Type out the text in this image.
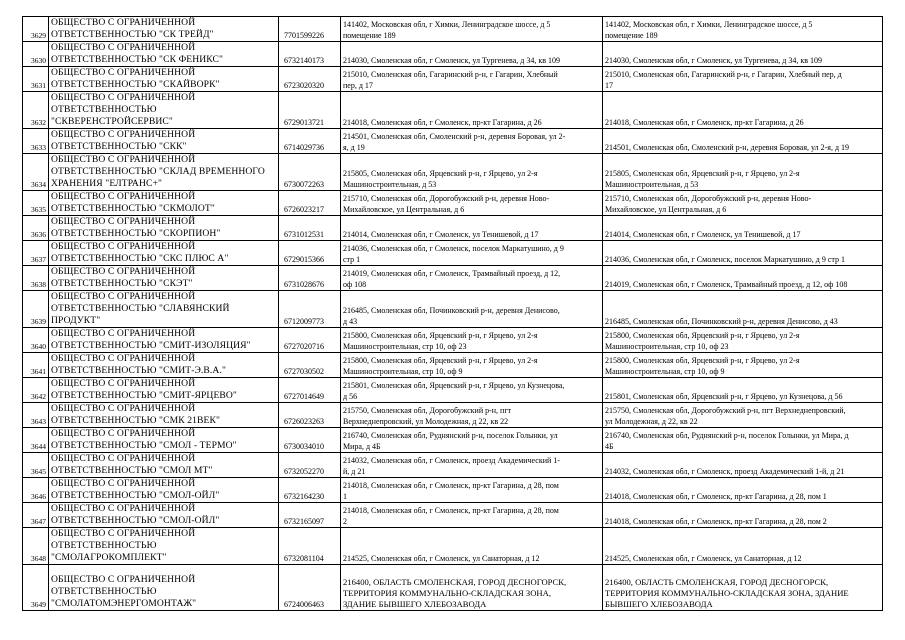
3629	ОБЩЕСТВО С ОГРАНИЧЕННОЙ
ОТВЕТСТВЕННОСТЬЮ "СК ТРЕЙД"	7701599226	141402, Московская обл, г Химки, Ленинградское шоссе, д 5
помещение 189	141402, Московская обл, г Химки, Ленинградское шоссе, д 5
помещение 189

3630	ОБЩЕСТВО С ОГРАНИЧЕННОЙ
ОТВЕТСТВЕННОСТЬЮ "СК ФЕНИКС"	6732140173	214030, Смоленская обл, г Смоленск, ул Тургенева, д 34, кв 109	214030, Смоленская обл, г Смоленск, ул Тургенева, д 34, кв 109

3631	ОБЩЕСТВО С ОГРАНИЧЕННОЙ
ОТВЕТСТВЕННОСТЬЮ "СКАЙВОРК"	6723020320	215010, Смоленская обл, Гагаринский р-н, г Гагарин, Хлебный
пер, д 17	215010, Смоленская обл, Гагаринский р-н, г Гагарин, Хлебный пер, д
17

3632	ОБЩЕСТВО С ОГРАНИЧЕННОЙ
ОТВЕТСТВЕННОСТЬЮ
"СКВЕРЕНСТРОЙСЕРВИС"	6729013721	214018, Смоленская обл, г Смоленск, пр-кт Гагарина, д 26	214018, Смоленская обл, г Смоленск, пр-кт Гагарина, д 26

3633	ОБЩЕСТВО С ОГРАНИЧЕННОЙ
ОТВЕТСТВЕННОСТЬЮ "СКК"	6714029736	214501, Смоленская обл, Смоленский р-н, деревня Боровая, ул 2-
я, д 19	214501, Смоленская обл, Смоленский р-н, деревня Боровая, ул 2-я, д 19

3634	ОБЩЕСТВО С ОГРАНИЧЕННОЙ
ОТВЕТСТВЕННОСТЬЮ "СКЛАД ВРЕМЕННОГО
ХРАНЕНИЯ "ЕЛТРАНС+"	6730072263	215805, Смоленская обл, Ярцевский р-н, г Ярцево, ул 2-я
Машиностроительная, д 53	215805, Смоленская обл, Ярцевский р-н, г Ярцево, ул 2-я
Машиностроительная, д 53

3635	ОБЩЕСТВО С ОГРАНИЧЕННОЙ
ОТВЕТСТВЕННОСТЬЮ "СКМОЛОТ"	6726023217	215710, Смоленская обл, Дорогобужский р-н, деревня Ново-
Михайловское, ул Центральная, д 6	215710, Смоленская обл, Дорогобужский р-н, деревня Ново-
Михайловское, ул Центральная, д 6

3636	ОБЩЕСТВО С ОГРАНИЧЕННОЙ
ОТВЕТСТВЕННОСТЬЮ "СКОРПИОН"	6731012531	214014, Смоленская обл, г Смоленск, ул Тенишевой, д 17	214014, Смоленская обл, г Смоленск, ул Тенишевой, д 17

3637	ОБЩЕСТВО С ОГРАНИЧЕННОЙ
ОТВЕТСТВЕННОСТЬЮ "СКС ПЛЮС А"	6729015366	214036, Смоленская обл, г Смоленск, поселок Маркатушино, д 9
стр 1	214036, Смоленская обл, г Смоленск, поселок Маркатушино, д 9 стр 1

3638	ОБЩЕСТВО С ОГРАНИЧЕННОЙ
ОТВЕТСТВЕННОСТЬЮ "СКЭТ"	6731028676	214019, Смоленская обл, г Смоленск, Трамвайный проезд, д 12,
оф 108	214019, Смоленская обл, г Смоленск, Трамвайный проезд, д 12, оф 108

3639	ОБЩЕСТВО С ОГРАНИЧЕННОЙ
ОТВЕТСТВЕННОСТЬЮ "СЛАВЯНСКИЙ
ПРОДУКТ"	6712009773	216485, Смоленская обл, Починковский р-н, деревня Денисово,
д 43	216485, Смоленская обл, Починковский р-н, деревня Денисово, д 43

3640	ОБЩЕСТВО С ОГРАНИЧЕННОЙ
ОТВЕТСТВЕННОСТЬЮ "СМИТ-ИЗОЛЯЦИЯ"	6727020716	215800, Смоленская обл, Ярцевский р-н, г Ярцево, ул 2-я
Машиностроительная, стр 10, оф 23	215800, Смоленская обл, Ярцевский р-н, г Ярцево, ул 2-я
Машиностроительная, стр 10, оф 23

3641	ОБЩЕСТВО С ОГРАНИЧЕННОЙ
ОТВЕТСТВЕННОСТЬЮ "СМИТ-Э.В.А."	6727030502	215800, Смоленская обл, Ярцевский р-н, г Ярцево, ул 2-я
Машиностроительная, стр 10, оф 9	215800, Смоленская обл, Ярцевский р-н, г Ярцево, ул 2-я
Машиностроительная, стр 10, оф 9

3642	ОБЩЕСТВО С ОГРАНИЧЕННОЙ
ОТВЕТСТВЕННОСТЬЮ "СМИТ-ЯРЦЕВО"	6727014649	215801, Смоленская обл, Ярцевский р-н, г Ярцево, ул Кузнецова,
д 56	215801, Смоленская обл, Ярцевский р-н, г Ярцево, ул Кузнецова, д 56

3643	ОБЩЕСТВО С ОГРАНИЧЕННОЙ
ОТВЕТСТВЕННОСТЬЮ "СМК 21ВЕК"	6726023263	215750, Смоленская обл, Дорогобужский р-н, пгт
Верхнеднепровский, ул Молодежная, д 22, кв 22	215750, Смоленская обл, Дорогобужский р-н, пгт Верхнеднепровский,
ул Молодежная, д 22, кв 22

3644	ОБЩЕСТВО С ОГРАНИЧЕННОЙ
ОТВЕТСТВЕННОСТЬЮ "СМОЛ - ТЕРМО"	6730034010	216740, Смоленская обл, Руднянский р-н, поселок Голынки, ул
Мира, д 4Б	216740, Смоленская обл, Руднянский р-н, поселок Голынки, ул Мира, д
4Б

3645	ОБЩЕСТВО С ОГРАНИЧЕННОЙ
ОТВЕТСТВЕННОСТЬЮ "СМОЛ МТ"	6732052270	214032, Смоленская обл, г Смоленск, проезд Академический 1-
й, д 21	214032, Смоленская обл, г Смоленск, проезд Академический 1-й, д 21

3646	ОБЩЕСТВО С ОГРАНИЧЕННОЙ
ОТВЕТСТВЕННОСТЬЮ "СМОЛ-ОЙЛ"	6732164230	214018, Смоленская обл, г Смоленск, пр-кт Гагарина, д 28, пом
1	214018, Смоленская обл, г Смоленск, пр-кт Гагарина, д 28, пом 1

3647	ОБЩЕСТВО С ОГРАНИЧЕННОЙ
ОТВЕТСТВЕННОСТЬЮ "СМОЛ-ОЙЛ"	6732165097	214018, Смоленская обл, г Смоленск, пр-кт Гагарина, д 28, пом
2	214018, Смоленская обл, г Смоленск, пр-кт Гагарина, д 28, пом 2

3648	ОБЩЕСТВО С ОГРАНИЧЕННОЙ
ОТВЕТСТВЕННОСТЬЮ
"СМОЛАГРОКОМПЛЕКТ"	6732081104	214525, Смоленская обл, г Смоленск, ул Санаторная, д 12	214525, Смоленская обл, г Смоленск, ул Санаторная, д 12

3649	ОБЩЕСТВО С ОГРАНИЧЕННОЙ
ОТВЕТСТВЕННОСТЬЮ
"СМОЛАТОМЭНЕРГОМОНТАЖ"	6724006463	216400, ОБЛАСТЬ СМОЛЕНСКАЯ, ГОРОД ДЕСНОГОРСК,
ТЕРРИТОРИЯ КОММУНАЛЬНО-СКЛАДСКАЯ ЗОНА,
ЗДАНИЕ БЫВШЕГО ХЛЕБОЗАВОДА	216400, ОБЛАСТЬ СМОЛЕНСКАЯ, ГОРОД ДЕСНОГОРСК,
ТЕРРИТОРИЯ КОММУНАЛЬНО-СКЛАДСКАЯ ЗОНА, ЗДАНИЕ
БЫВШЕГО ХЛЕБОЗАВОДА
